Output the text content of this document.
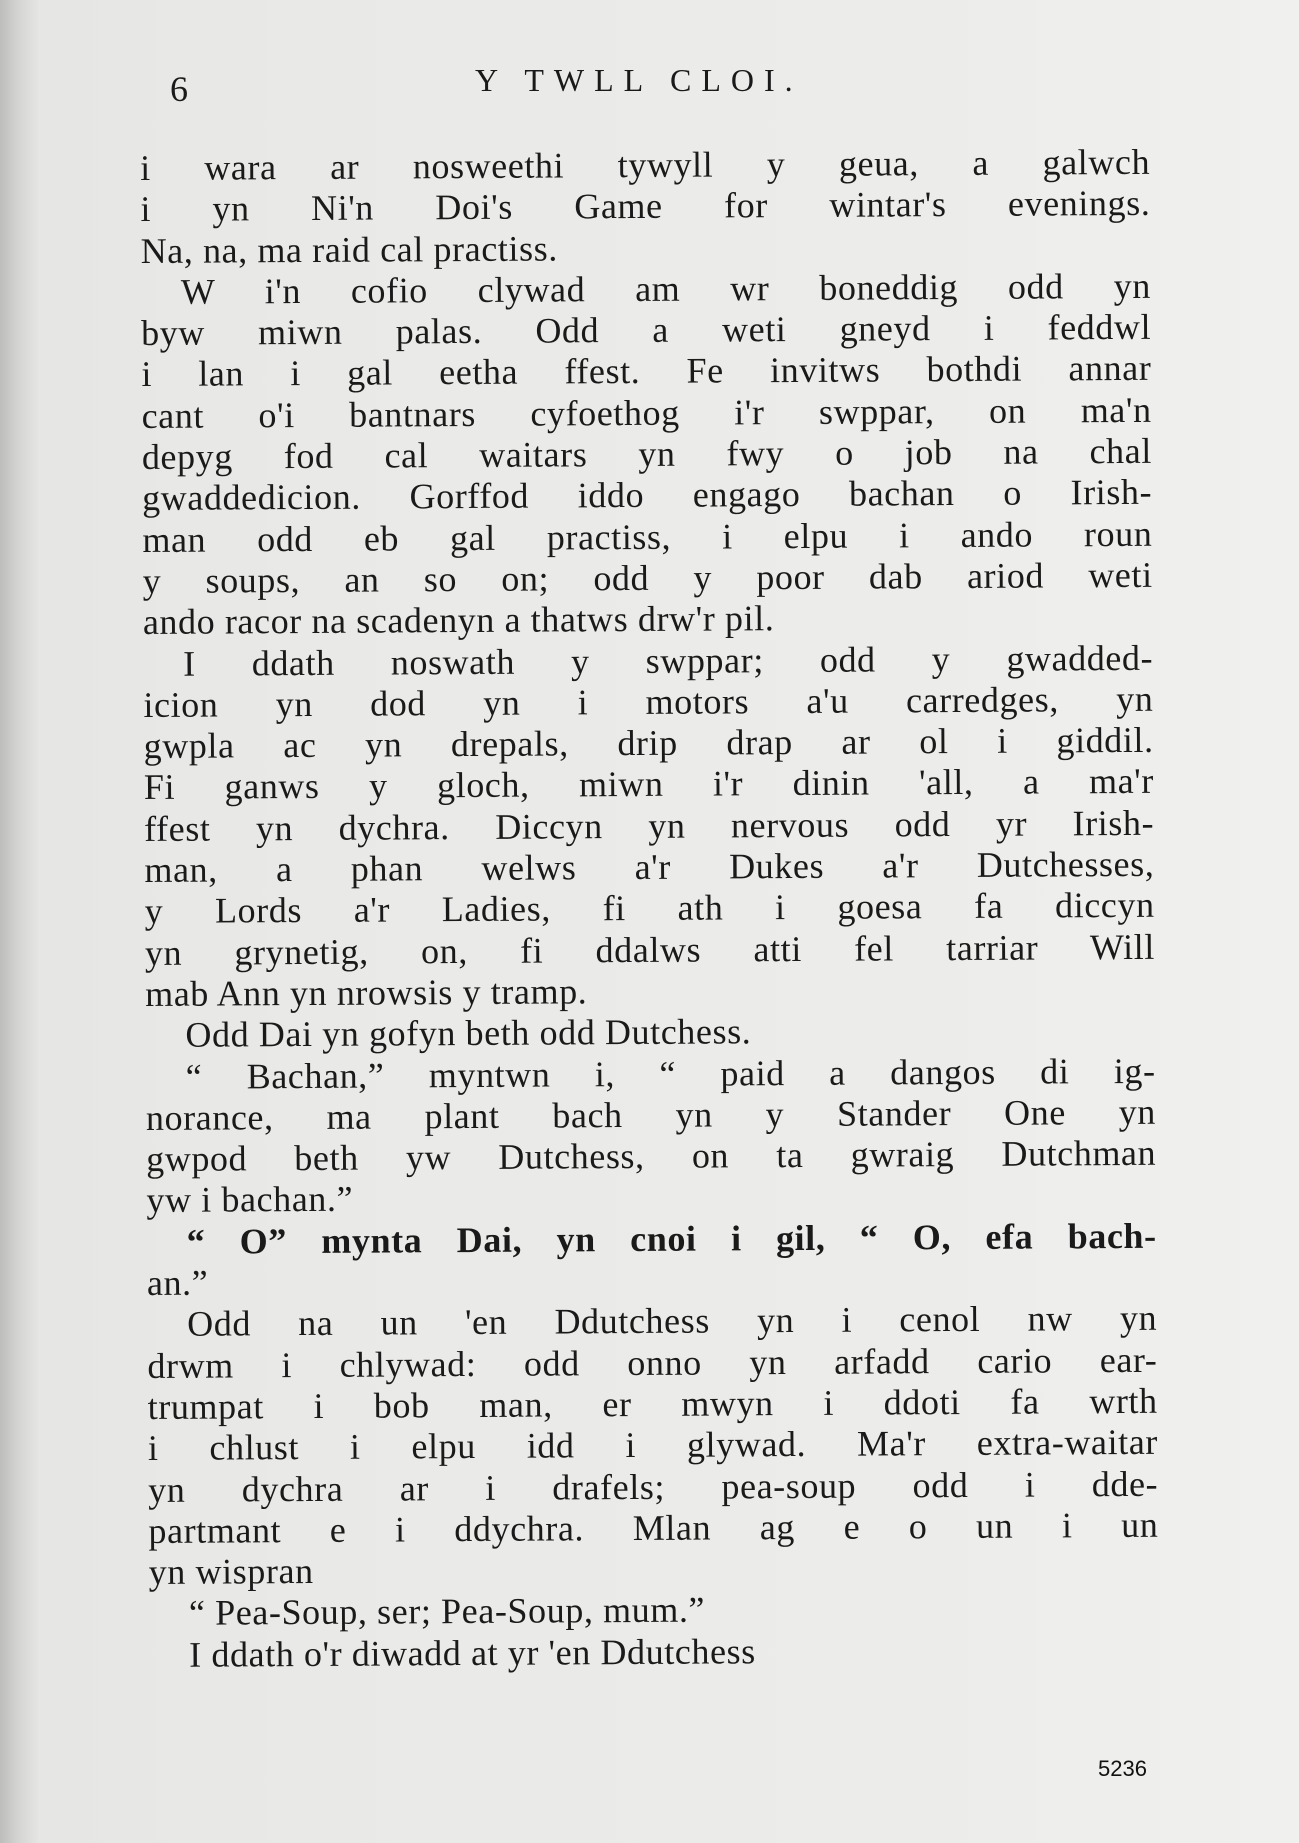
6	Y TWLL CLOI.
i wara ar nosweethi tywyll y geua, a galwch
i yn Ni'n Doi's Game for wintar's evenings.
Na, na, ma raid cal practiss.
W i'n cofio clywad am wr boneddig odd yn
byw miwn palas. Odd a weti gneyd i feddwl
i lan i gal eetha ffest. Fe invitws bothdi annar
cant o'i bantnars cyfoethog i'r swppar, on ma'n
depyg fod cal waitars yn fwy o job na chal
gwaddedicion. Gorffod iddo engago bachan o Irish-
man odd eb gal practiss, i elpu i ando roun
y soups, an so on; odd y poor dab ariod weti
ando racor na scadenyn a thatws drw'r pil.
I ddath noswath y swppar; odd y gwadded-
icion yn dod yn i motors a'u carredges, yn
gwpla ac yn drepals, drip drap ar ol i giddil.
Fi ganws y gloch, miwn i'r dinin 'all, a ma'r
ffest yn dychra. Diccyn yn nervous odd yr Irish-
man, a phan welws a'r Dukes a'r Dutchesses,
y Lords a'r Ladies, fi ath i goesa fa diccyn
yn grynetig, on, fi ddalws atti fel tarriar Will
mab Ann yn nrowsis y tramp.
Odd Dai yn gofyn beth odd Dutchess.
“ Bachan,” myntwn i, “ paid a dangos di ig-
norance, ma plant bach yn y Stander One yn
gwpod beth yw Dutchess, on ta gwraig Dutchman
yw i bachan.”
“ O” mynta Dai, yn cnoi i gil, “ O, efa bach-
an.”
Odd na un 'en Ddutchess yn i cenol nw yn
drwm i chlywad: odd onno yn arfadd cario ear-
trumpat i bob man, er mwyn i ddoti fa wrth
i chlust i elpu idd i glywad. Ma'r extra-waitar
yn dychra ar i drafels; pea-soup odd i dde-
partmant e i ddychra. Mlan ag e o un i un
yn wispran
“ Pea-Soup, ser; Pea-Soup, mum.”
I ddath o'r diwadd at yr 'en Ddutchess
5236
